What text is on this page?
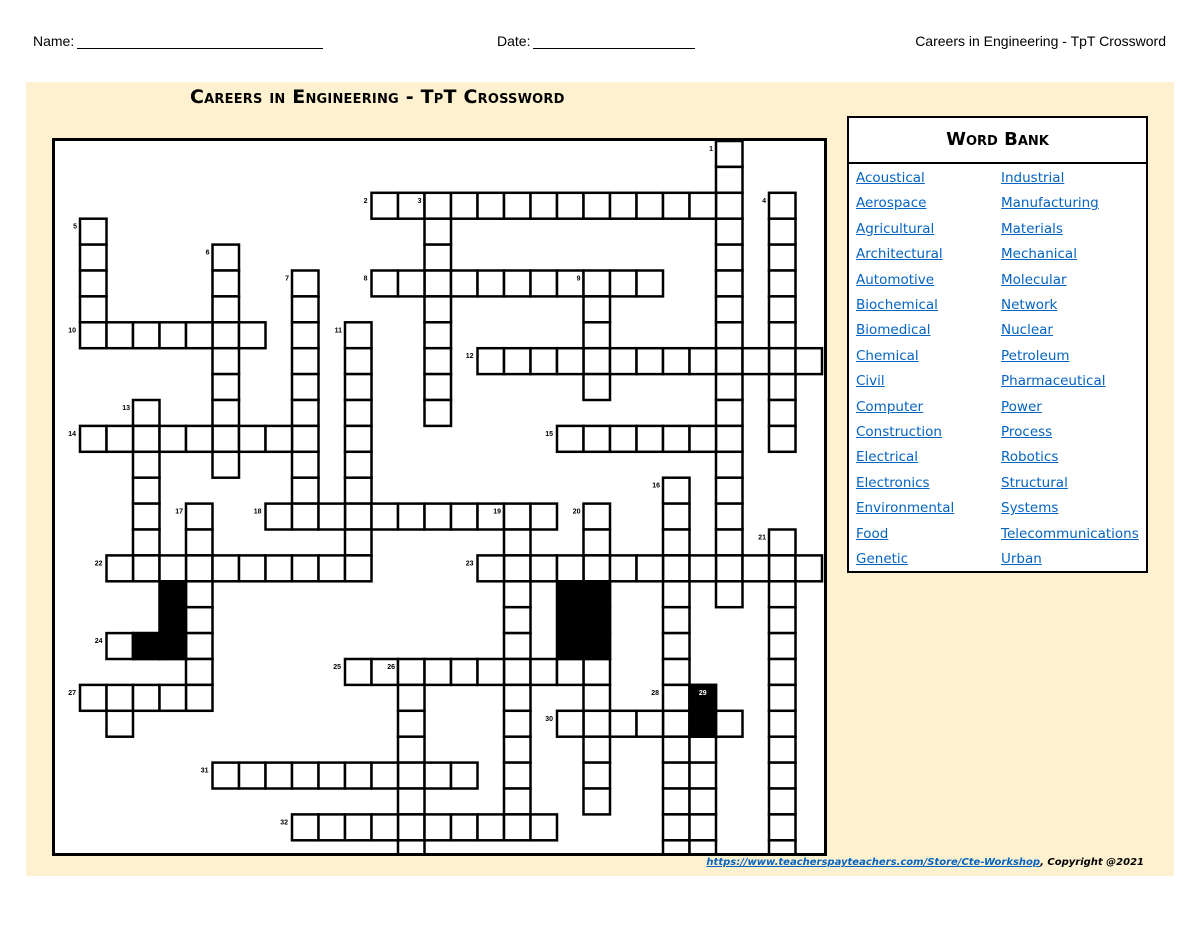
Name:	Date:	Careers in Engineering - TpT Crossword
Careers in Engineering - TpT Crossword
1
2	3	4
5
6
7	8	9
10	11
12
13
14	15
16
17	18	19	20
21
22	23
24
25	26
27	28	29
30
31
32
Word Bank
Acoustical
Aerospace
Agricultural
Architectural
Automotive
Biochemical
Biomedical
Chemical
Civil
Computer
Construction
Electrical
Electronics
Environmental
Food
Genetic
Industrial
Manufacturing
Materials
Mechanical
Molecular
Network
Nuclear
Petroleum
Pharmaceutical
Power
Process
Robotics
Structural
Systems
Telecommunications
Urban
https://www.teacherspayteachers.com/Store/Cte-Workshop, Copyright @2021
